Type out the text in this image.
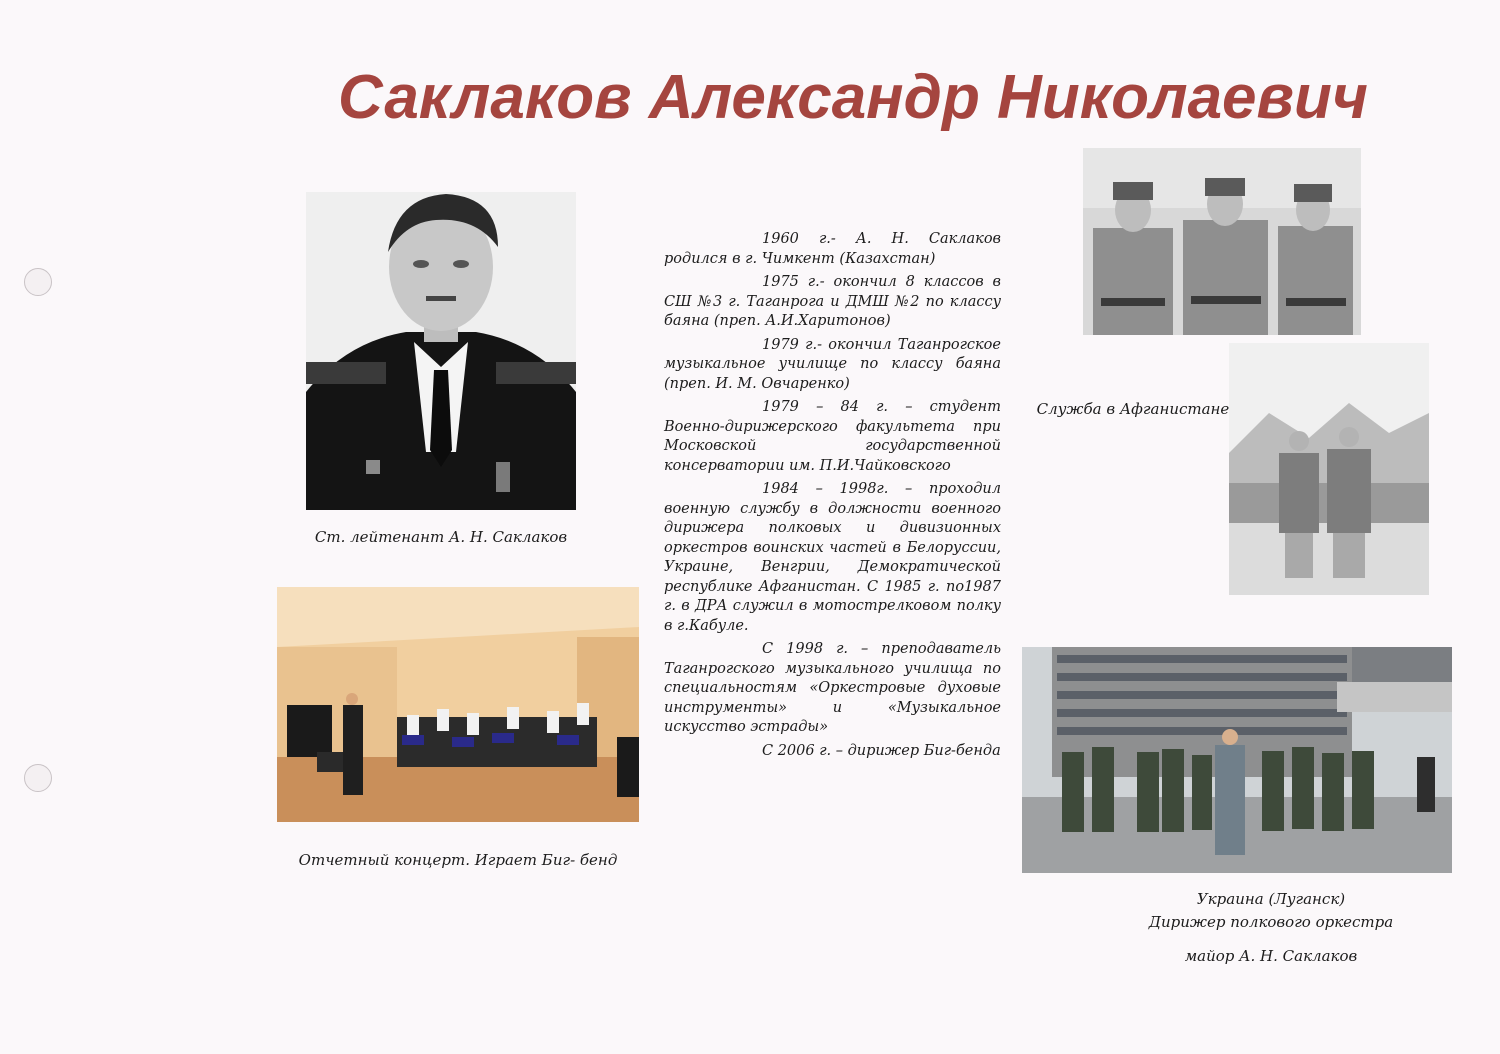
Саклаков Александр Николаевич
Ст. лейтенант А. Н. Саклаков
Отчетный концерт. Играет Биг- бенд

1960 г.- А. Н. Саклаков родился в г. Чимкент (Казахстан)

1975 г.- окончил 8 классов в СШ №3 г. Таганрога и ДМШ №2 по классу баяна (преп. А.И.Харитонов)

1979 г.- окончил Таганрогское музыкальное училище по классу баяна (преп. И. М. Овчаренко)

1979 – 84 г. – студент Военно-дирижерского факультета при Московской государственной консерватории им. П.И.Чайковского

1984 – 1998г. – проходил военную службу в должности военного дирижера полковых и дивизионных оркестров воинских частей в Белоруссии, Украине, Венгрии, Демократической республике Афганистан. С 1985 г. по1987 г. в ДРА служил в мотострелковом полку в г.Кабуле.

С 1998 г. – преподаватель Таганрогского музыкального училища по специальностям «Оркестровые духовые инструменты» и «Музыкальное искусство эстрады»

С 2006 г. – дирижер Биг-бенда

Служба в Афганистане
Украина (Луганск)
Дирижер полкового оркестра
майор А. Н. Саклаков
